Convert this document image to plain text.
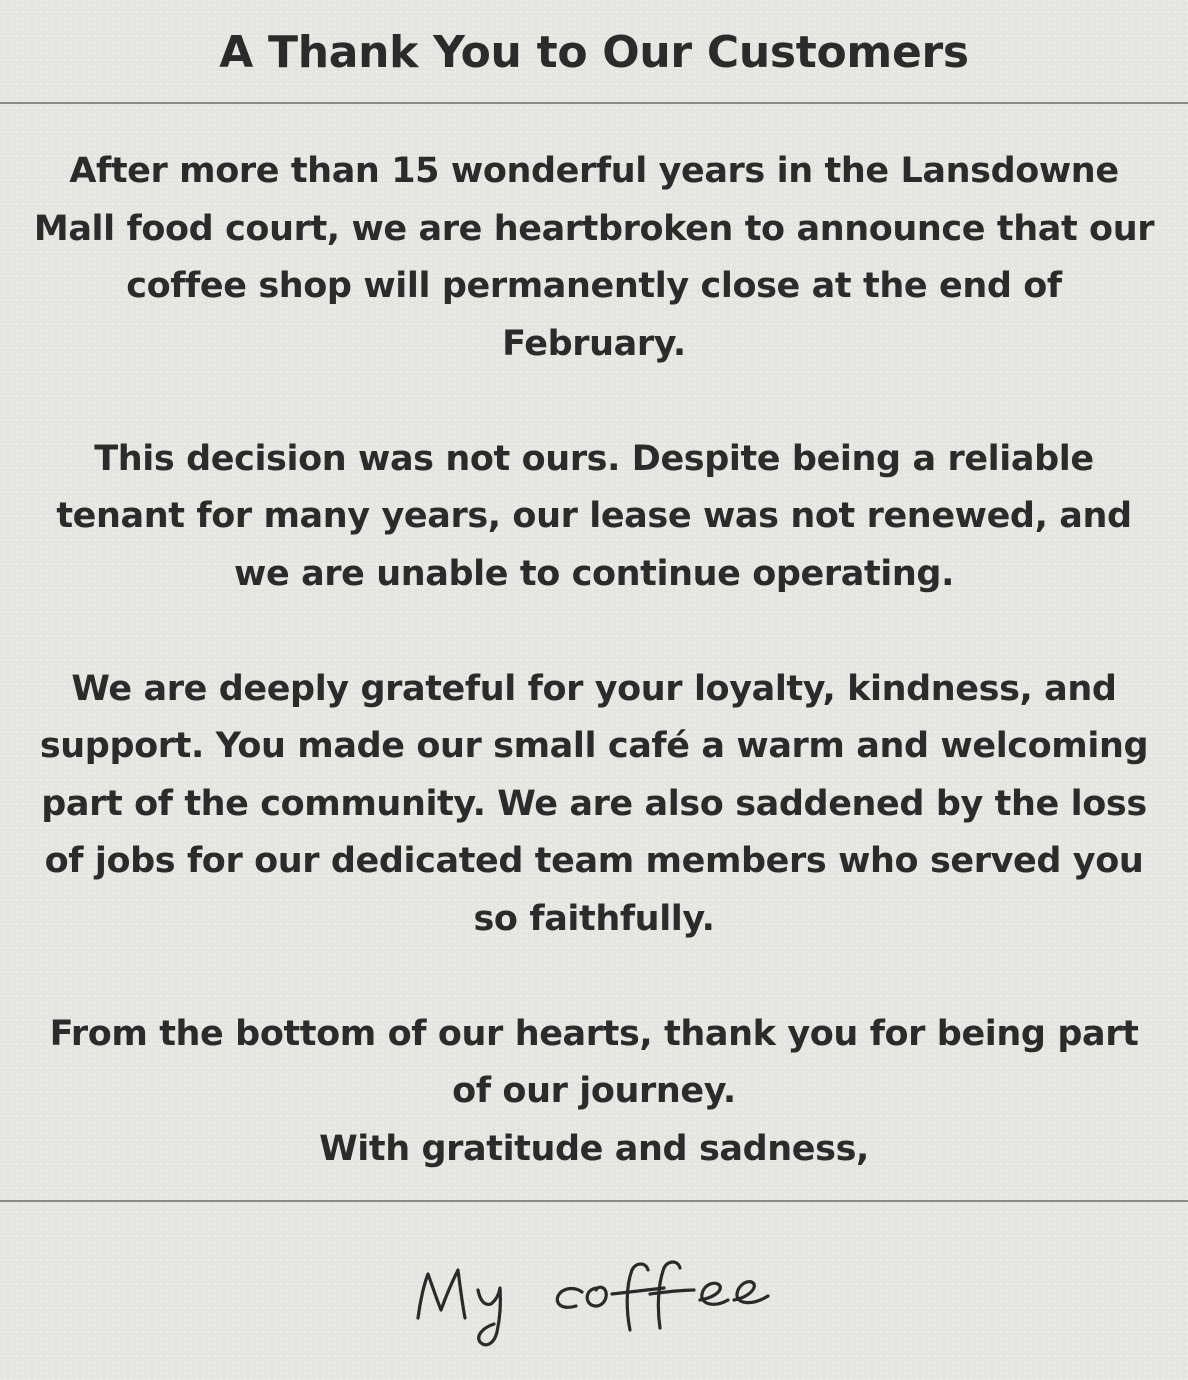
A Thank You to Our Customers

After more than 15 wonderful years in the Lansdowne Mall food court, we are heartbroken to announce that our coffee shop will permanently close at the end of February.

This decision was not ours. Despite being a reliable tenant for many years, our lease was not renewed, and we are unable to continue operating.

We are deeply grateful for your loyalty, kindness, and support. You made our small café a warm and welcoming part of the community. We are also saddened by the loss of jobs for our dedicated team members who served you so faithfully.

From the bottom of our hearts, thank you for being part of our journey.
With gratitude and sadness,
